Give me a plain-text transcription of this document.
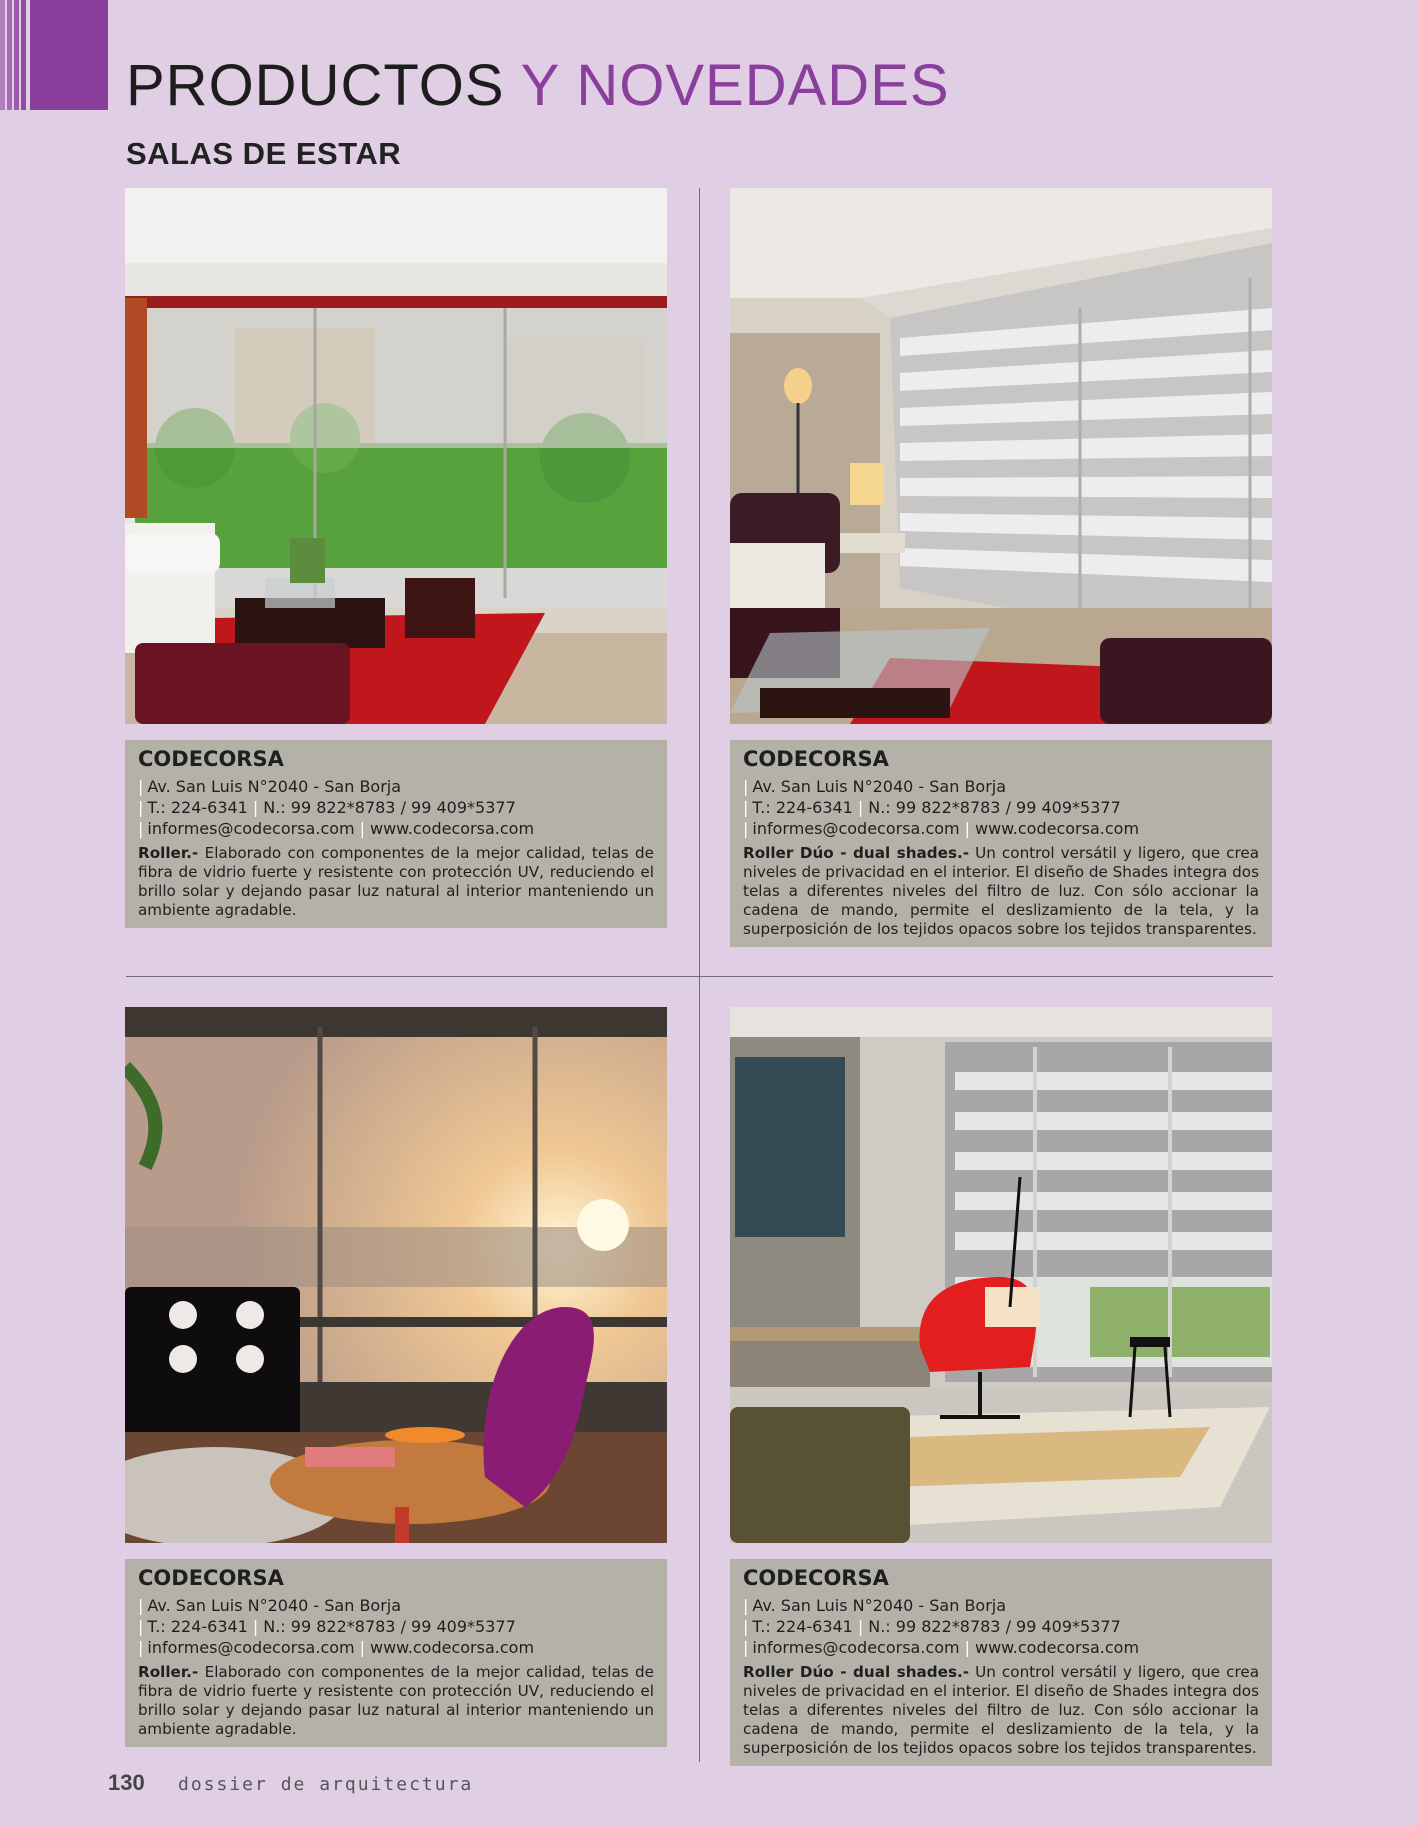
PRODUCTOS Y NOVEDADES
SALAS DE ESTAR
CODECORSA
| Av. San Luis N°2040 - San Borja
| T.: 224-6341 | N.: 99 822*8783 / 99 409*5377
| informes@codecorsa.com | www.codecorsa.com
Roller.- Elaborado con componentes de la mejor calidad, telas de fibra de vidrio fuerte y resistente con protección UV, reduciendo el brillo solar y dejando pasar luz natural al interior manteniendo un ambiente agradable.
CODECORSA
| Av. San Luis N°2040 - San Borja
| T.: 224-6341 | N.: 99 822*8783 / 99 409*5377
| informes@codecorsa.com | www.codecorsa.com
Roller Dúo - dual shades.- Un control versátil y ligero, que crea niveles de privacidad en el interior. El diseño de Shades integra dos telas a diferentes niveles del filtro de luz. Con sólo accionar la cadena de mando, permite el deslizamiento de la tela, y la superposición de los tejidos opacos sobre los tejidos transparentes.
CODECORSA
| Av. San Luis N°2040 - San Borja
| T.: 224-6341 | N.: 99 822*8783 / 99 409*5377
| informes@codecorsa.com | www.codecorsa.com
Roller.- Elaborado con componentes de la mejor calidad, telas de fibra de vidrio fuerte y resistente con protección UV, reduciendo el brillo solar y dejando pasar luz natural al interior manteniendo un ambiente agradable.
CODECORSA
| Av. San Luis N°2040 - San Borja
| T.: 224-6341 | N.: 99 822*8783 / 99 409*5377
| informes@codecorsa.com | www.codecorsa.com
Roller Dúo - dual shades.- Un control versátil y ligero, que crea niveles de privacidad en el interior. El diseño de Shades integra dos telas a diferentes niveles del filtro de luz. Con sólo accionar la cadena de mando, permite el deslizamiento de la tela, y la superposición de los tejidos opacos sobre los tejidos transparentes.
130 dossier de arquitectura
